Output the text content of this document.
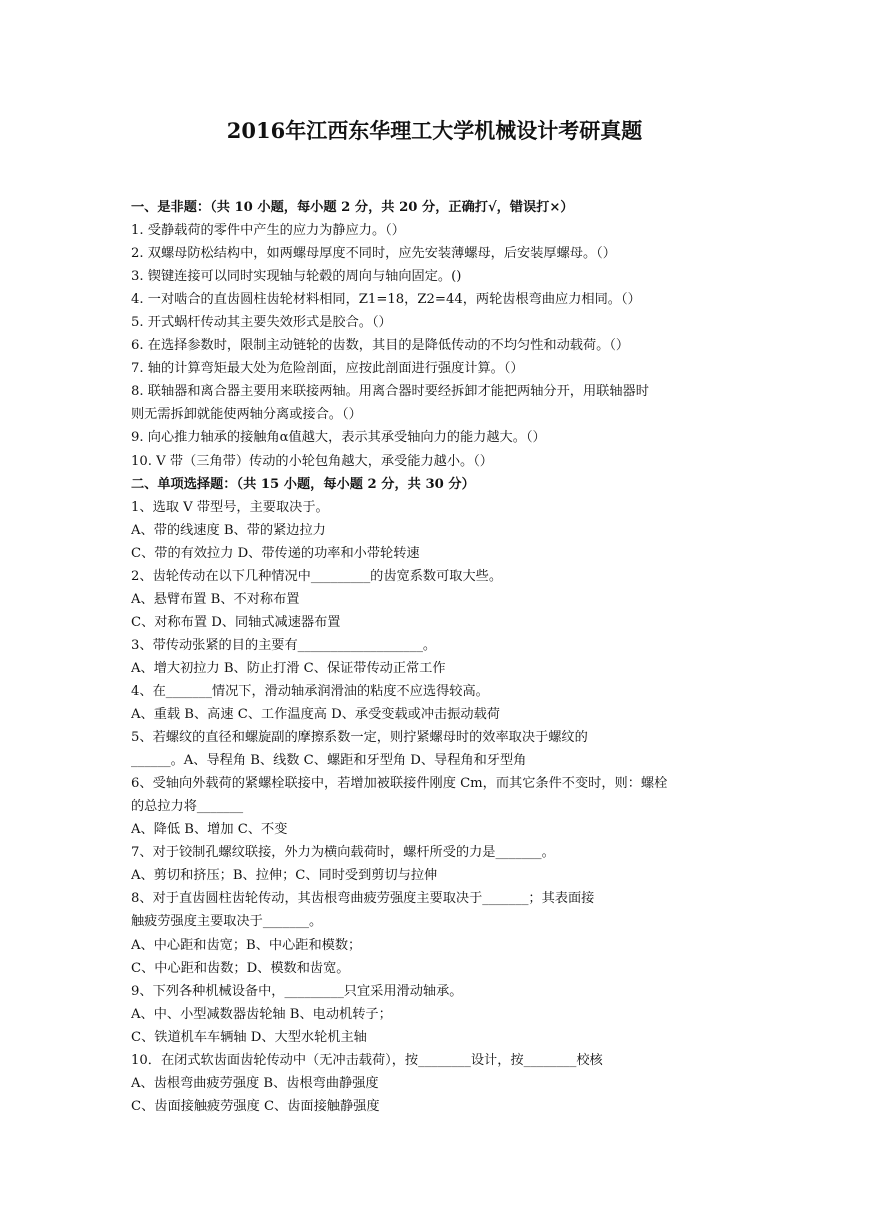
2016年江西东华理工大学机械设计考研真题
一、是非题：（共 10 小题，每小题 2 分，共 20 分，正确打√，错误打×）
1. 受静载荷的零件中产生的应力为静应力。（）
2. 双螺母防松结构中，如两螺母厚度不同时，应先安装薄螺母，后安装厚螺母。（）
3. 锲键连接可以同时实现轴与轮毂的周向与轴向固定。()
4. 一对啮合的直齿圆柱齿轮材料相同，Z1=18，Z2=44，两轮齿根弯曲应力相同。（）
5. 开式蜗杆传动其主要失效形式是胶合。（）
6. 在选择参数时，限制主动链轮的齿数，其目的是降低传动的不均匀性和动载荷。（）
7. 轴的计算弯矩最大处为危险剖面，应按此剖面进行强度计算。（）
8. 联轴器和离合器主要用来联接两轴。用离合器时要经拆卸才能把两轴分开，用联轴器时
则无需拆卸就能使两轴分离或接合。（）
9. 向心推力轴承的接触角α值越大，表示其承受轴向力的能力越大。（）
10. V 带（三角带）传动的小轮包角越大，承受能力越小。（）
二、单项选择题：（共 15 小题，每小题 2 分，共 30 分）
1、选取 V 带型号，主要取决于。
A、带的线速度 B、带的紧边拉力
C、带的有效拉力 D、带传递的功率和小带轮转速
2、齿轮传动在以下几种情况中_________的齿宽系数可取大些。
A、悬臂布置 B、不对称布置
C、对称布置 D、同轴式减速器布置
3、带传动张紧的目的主要有___________________。
A、增大初拉力 B、防止打滑 C、保证带传动正常工作
4、在_______情况下，滑动轴承润滑油的粘度不应选得较高。
A、重载 B、高速 C、工作温度高 D、承受变载或冲击振动载荷
5、若螺纹的直径和螺旋副的摩擦系数一定，则拧紧螺母时的效率取决于螺纹的
______。A、导程角 B、线数 C、螺距和牙型角 D、导程角和牙型角
6、受轴向外载荷的紧螺栓联接中，若增加被联接件刚度 Cm，而其它条件不变时，则：螺栓
的总拉力将_______
A、降低 B、增加 C、不变
7、对于铰制孔螺纹联接，外力为横向载荷时，螺杆所受的力是_______。
A、剪切和挤压；B、拉伸；C、同时受到剪切与拉伸
8、对于直齿圆柱齿轮传动，其齿根弯曲疲劳强度主要取决于_______；其表面接
触疲劳强度主要取决于_______。
A、中心距和齿宽；B、中心距和模数；
C、中心距和齿数；D、模数和齿宽。
9、下列各种机械设备中，_________只宜采用滑动轴承。
A、中、小型减数器齿轮轴 B、电动机转子；
C、铁道机车车辆轴 D、大型水轮机主轴
10．在闭式软齿面齿轮传动中（无冲击载荷），按________设计，按________校核
A、齿根弯曲疲劳强度 B、齿根弯曲静强度
C、齿面接触疲劳强度 C、齿面接触静强度
